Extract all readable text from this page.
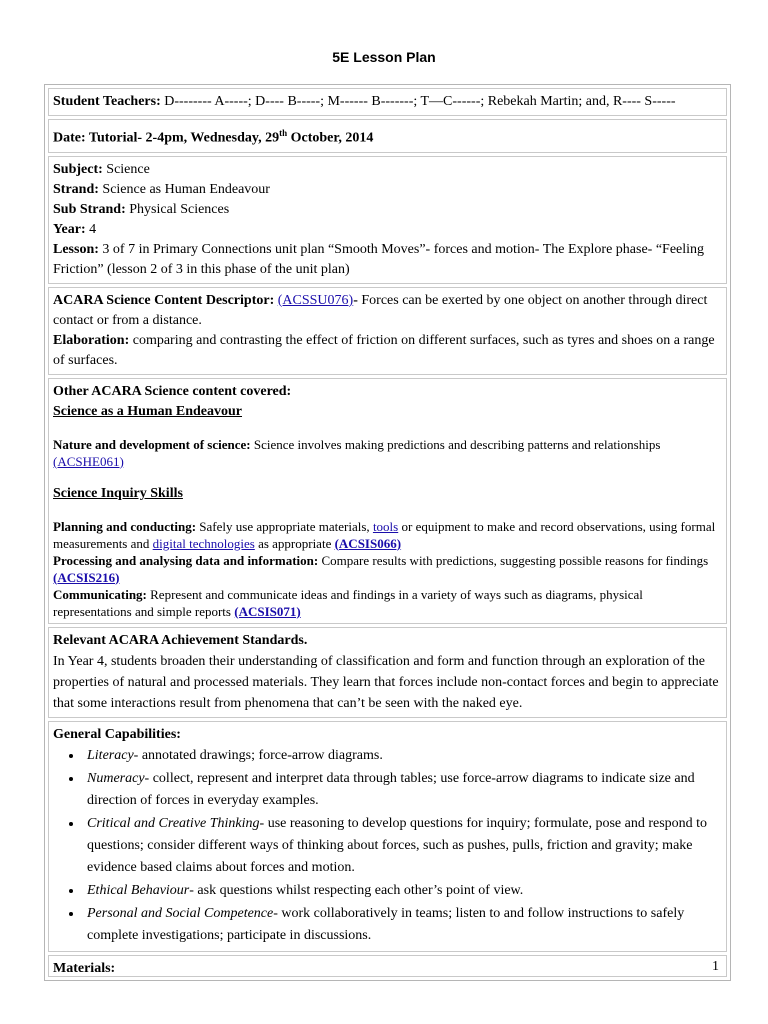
5E Lesson Plan
Student Teachers: D-------- A-----; D---- B-----; M------ B-------; T—C------; Rebekah Martin; and, R---- S-----
Date: Tutorial- 2-4pm, Wednesday, 29th October, 2014
Subject: Science
Strand: Science as Human Endeavour
Sub Strand: Physical Sciences
Year: 4
Lesson: 3 of 7 in Primary Connections unit plan “Smooth Moves”- forces and motion- The Explore phase- “Feeling Friction” (lesson 2 of 3 in this phase of the unit plan)
ACARA Science Content Descriptor: (ACSSU076)- Forces can be exerted by one object on another through direct contact or from a distance.
Elaboration: comparing and contrasting the effect of friction on different surfaces, such as tyres and shoes on a range of surfaces.
Other ACARA Science content covered:
Science as a Human Endeavour
Nature and development of science: Science involves making predictions and describing patterns and relationships (ACSHE061)
Science Inquiry Skills
Planning and conducting: Safely use appropriate materials, tools or equipment to make and record observations, using formal measurements and digital technologies as appropriate (ACSIS066)
Processing and analysing data and information: Compare results with predictions, suggesting possible reasons for findings (ACSIS216)
Communicating: Represent and communicate ideas and findings in a variety of ways such as diagrams, physical representations and simple reports (ACSIS071)
Relevant ACARA Achievement Standards.
In Year 4, students broaden their understanding of classification and form and function through an exploration of the properties of natural and processed materials. They learn that forces include non-contact forces and begin to appreciate that some interactions result from phenomena that can’t be seen with the naked eye.
General Capabilities:
• Literacy- annotated drawings; force-arrow diagrams.
• Numeracy- collect, represent and interpret data through tables; use force-arrow diagrams to indicate size and direction of forces in everyday examples.
• Critical and Creative Thinking- use reasoning to develop questions for inquiry; formulate, pose and respond to questions; consider different ways of thinking about forces, such as pushes, pulls, friction and gravity; make evidence based claims about forces and motion.
• Ethical Behaviour- ask questions whilst respecting each other’s point of view.
• Personal and Social Competence- work collaboratively in teams; listen to and follow instructions to safely complete investigations; participate in discussions.
Materials:	1
